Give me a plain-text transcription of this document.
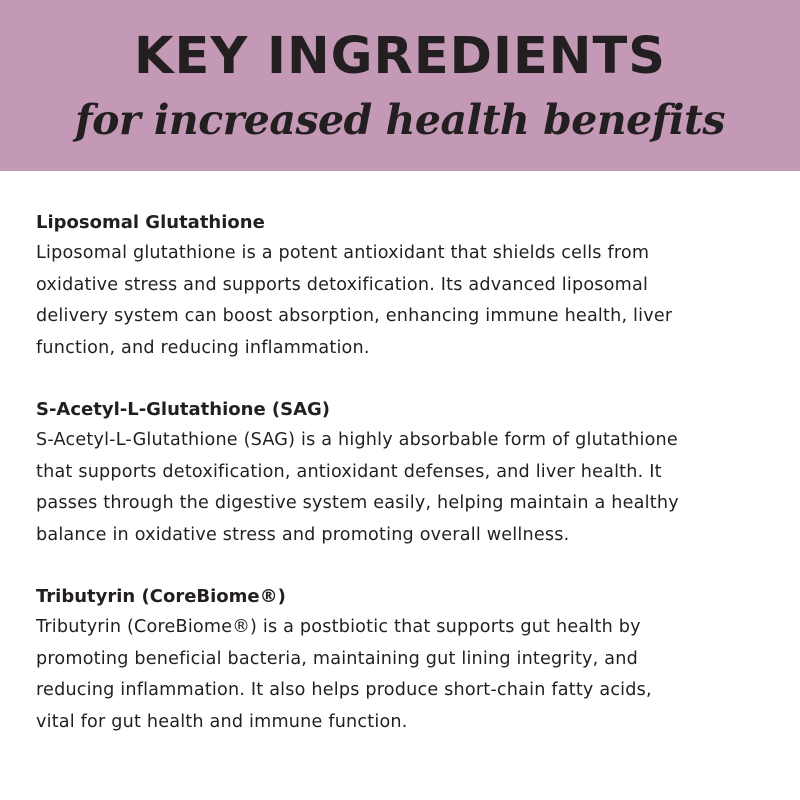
KEY INGREDIENTS
for increased health benefits
Liposomal Glutathione
Liposomal glutathione is a potent antioxidant that shields cells from
oxidative stress and supports detoxification. Its advanced liposomal
delivery system can boost absorption, enhancing immune health, liver
function, and reducing inflammation.
S-Acetyl-L-Glutathione (SAG)
S-Acetyl-L-Glutathione (SAG) is a highly absorbable form of glutathione
that supports detoxification, antioxidant defenses, and liver health. It
passes through the digestive system easily, helping maintain a healthy
balance in oxidative stress and promoting overall wellness.
Tributyrin (CoreBiome®)
Tributyrin (CoreBiome®) is a postbiotic that supports gut health by
promoting beneficial bacteria, maintaining gut lining integrity, and
reducing inflammation. It also helps produce short-chain fatty acids,
vital for gut health and immune function.
